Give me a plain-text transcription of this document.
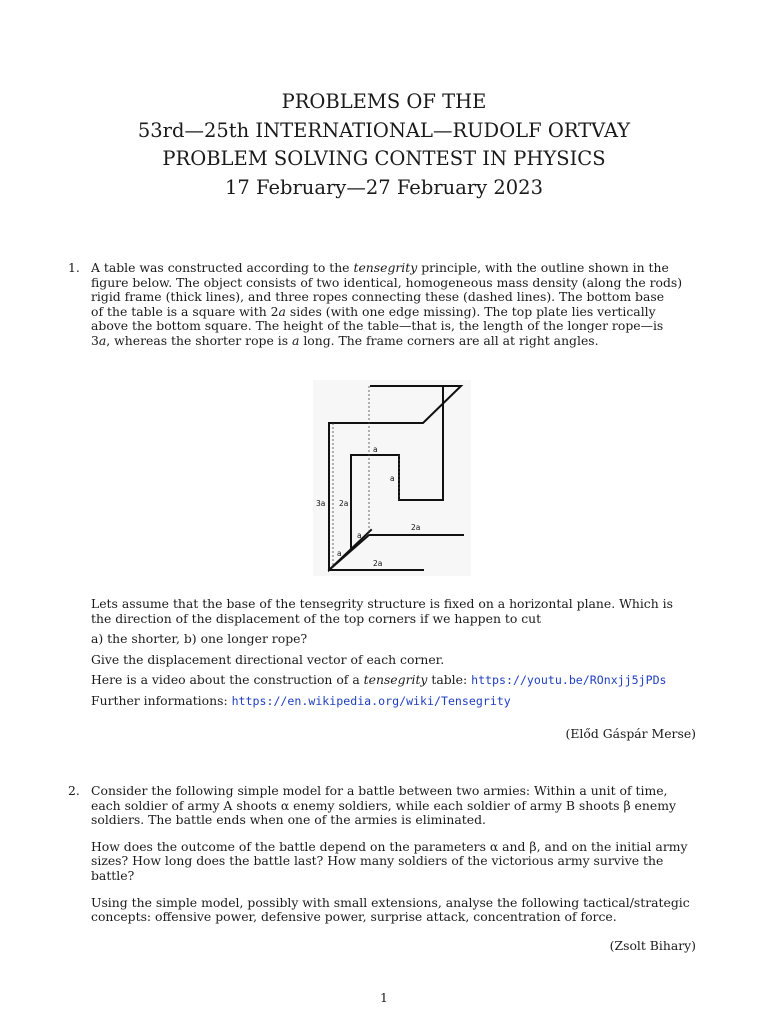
PROBLEMS OF THE
53rd—25th INTERNATIONAL—RUDOLF ORTVAY
PROBLEM SOLVING CONTEST IN PHYSICS
17 February—27 February 2023
1. A table was constructed according to the tensegrity principle, with the outline shown in the
figure below. The object consists of two identical, homogeneous mass density (along the rods)
rigid frame (thick lines), and three ropes connecting these (dashed lines). The bottom base
of the table is a square with 2a sides (with one edge missing). The top plate lies vertically
above the bottom square. The height of the table—that is, the length of the longer rope—is
3a, whereas the shorter rope is a long. The frame corners are all at right angles.
a
a
3a 2a
2a
a
a
2a
Lets assume that the base of the tensegrity structure is fixed on a horizontal plane. Which is
the direction of the displacement of the top corners if we happen to cut
a) the shorter, b) one longer rope?
Give the displacement directional vector of each corner.
Here is a video about the construction of a tensegrity table: https://youtu.be/ROnxjj5jPDs
Further informations: https://en.wikipedia.org/wiki/Tensegrity
(Előd Gáspár Merse)
2. Consider the following simple model for a battle between two armies: Within a unit of time,
each soldier of army A shoots α enemy soldiers, while each soldier of army B shoots β enemy
soldiers. The battle ends when one of the armies is eliminated.
How does the outcome of the battle depend on the parameters α and β, and on the initial army
sizes? How long does the battle last? How many soldiers of the victorious army survive the
battle?
Using the simple model, possibly with small extensions, analyse the following tactical/strategic
concepts: offensive power, defensive power, surprise attack, concentration of force.
(Zsolt Bihary)
1
